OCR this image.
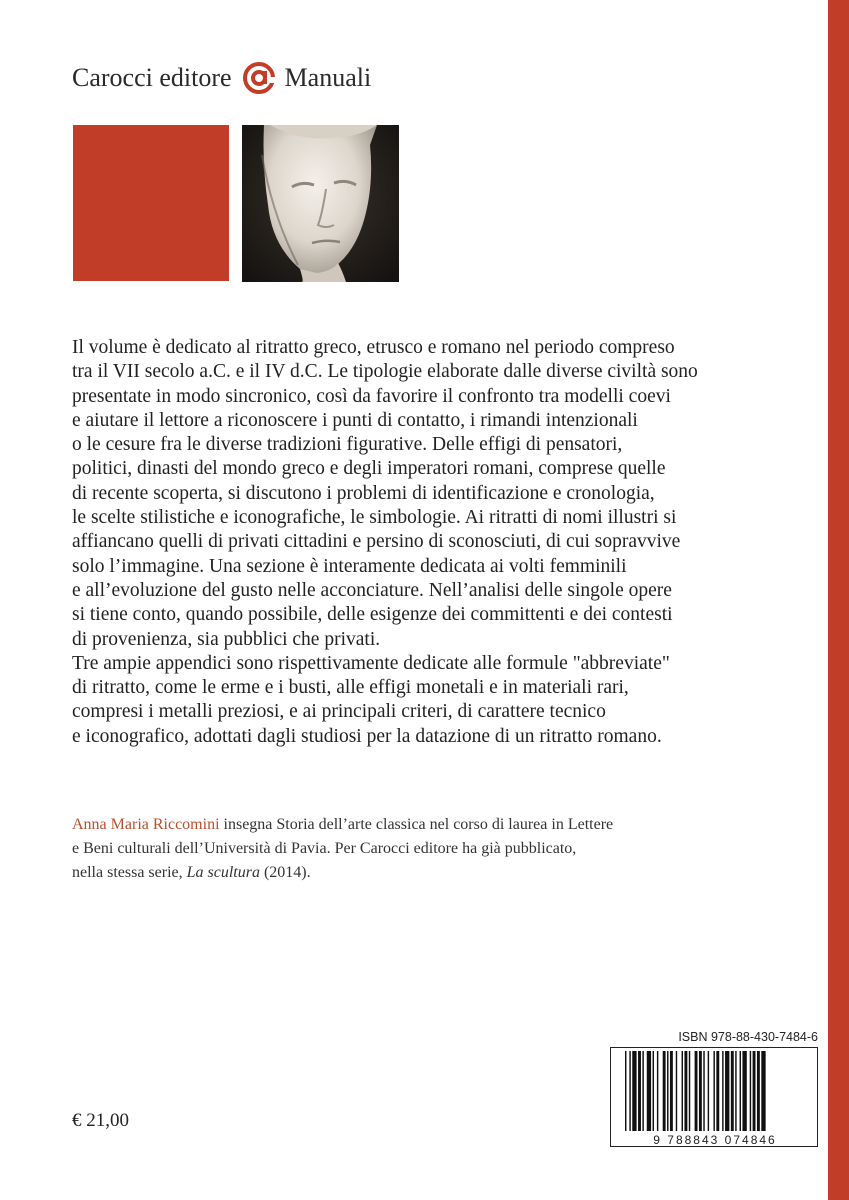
Carocci editore Manuali

Il volume è dedicato al ritratto greco, etrusco e romano nel periodo compreso

tra il VII secolo a.C. e il IV d.C. Le tipologie elaborate dalle diverse civiltà sono

presentate in modo sincronico, così da favorire il confronto tra modelli coevi

e aiutare il lettore a riconoscere i punti di contatto, i rimandi intenzionali

o le cesure fra le diverse tradizioni figurative. Delle effigi di pensatori,

politici, dinasti del mondo greco e degli imperatori romani, comprese quelle

di recente scoperta, si discutono i problemi di identificazione e cronologia,

le scelte stilistiche e iconografiche, le simbologie. Ai ritratti di nomi illustri si

affiancano quelli di privati cittadini e persino di sconosciuti, di cui sopravvive

solo l’immagine. Una sezione è interamente dedicata ai volti femminili

e all’evoluzione del gusto nelle acconciature. Nell’analisi delle singole opere

si tiene conto, quando possibile, delle esigenze dei committenti e dei contesti

di provenienza, sia pubblici che privati.

Tre ampie appendici sono rispettivamente dedicate alle formule "abbreviate"

di ritratto, come le erme e i busti, alle effigi monetali e in materiali rari,

compresi i metalli preziosi, e ai principali criteri, di carattere tecnico

e iconografico, adottati dagli studiosi per la datazione di un ritratto romano.

Anna Maria Riccomini insegna Storia dell’arte classica nel corso di laurea in Lettere

e Beni culturali dell’Università di Pavia. Per Carocci editore ha già pubblicato,

nella stessa serie, La scultura (2014).

€ 21,00
ISBN 978-88-430-7484-6
9 788843 074846
